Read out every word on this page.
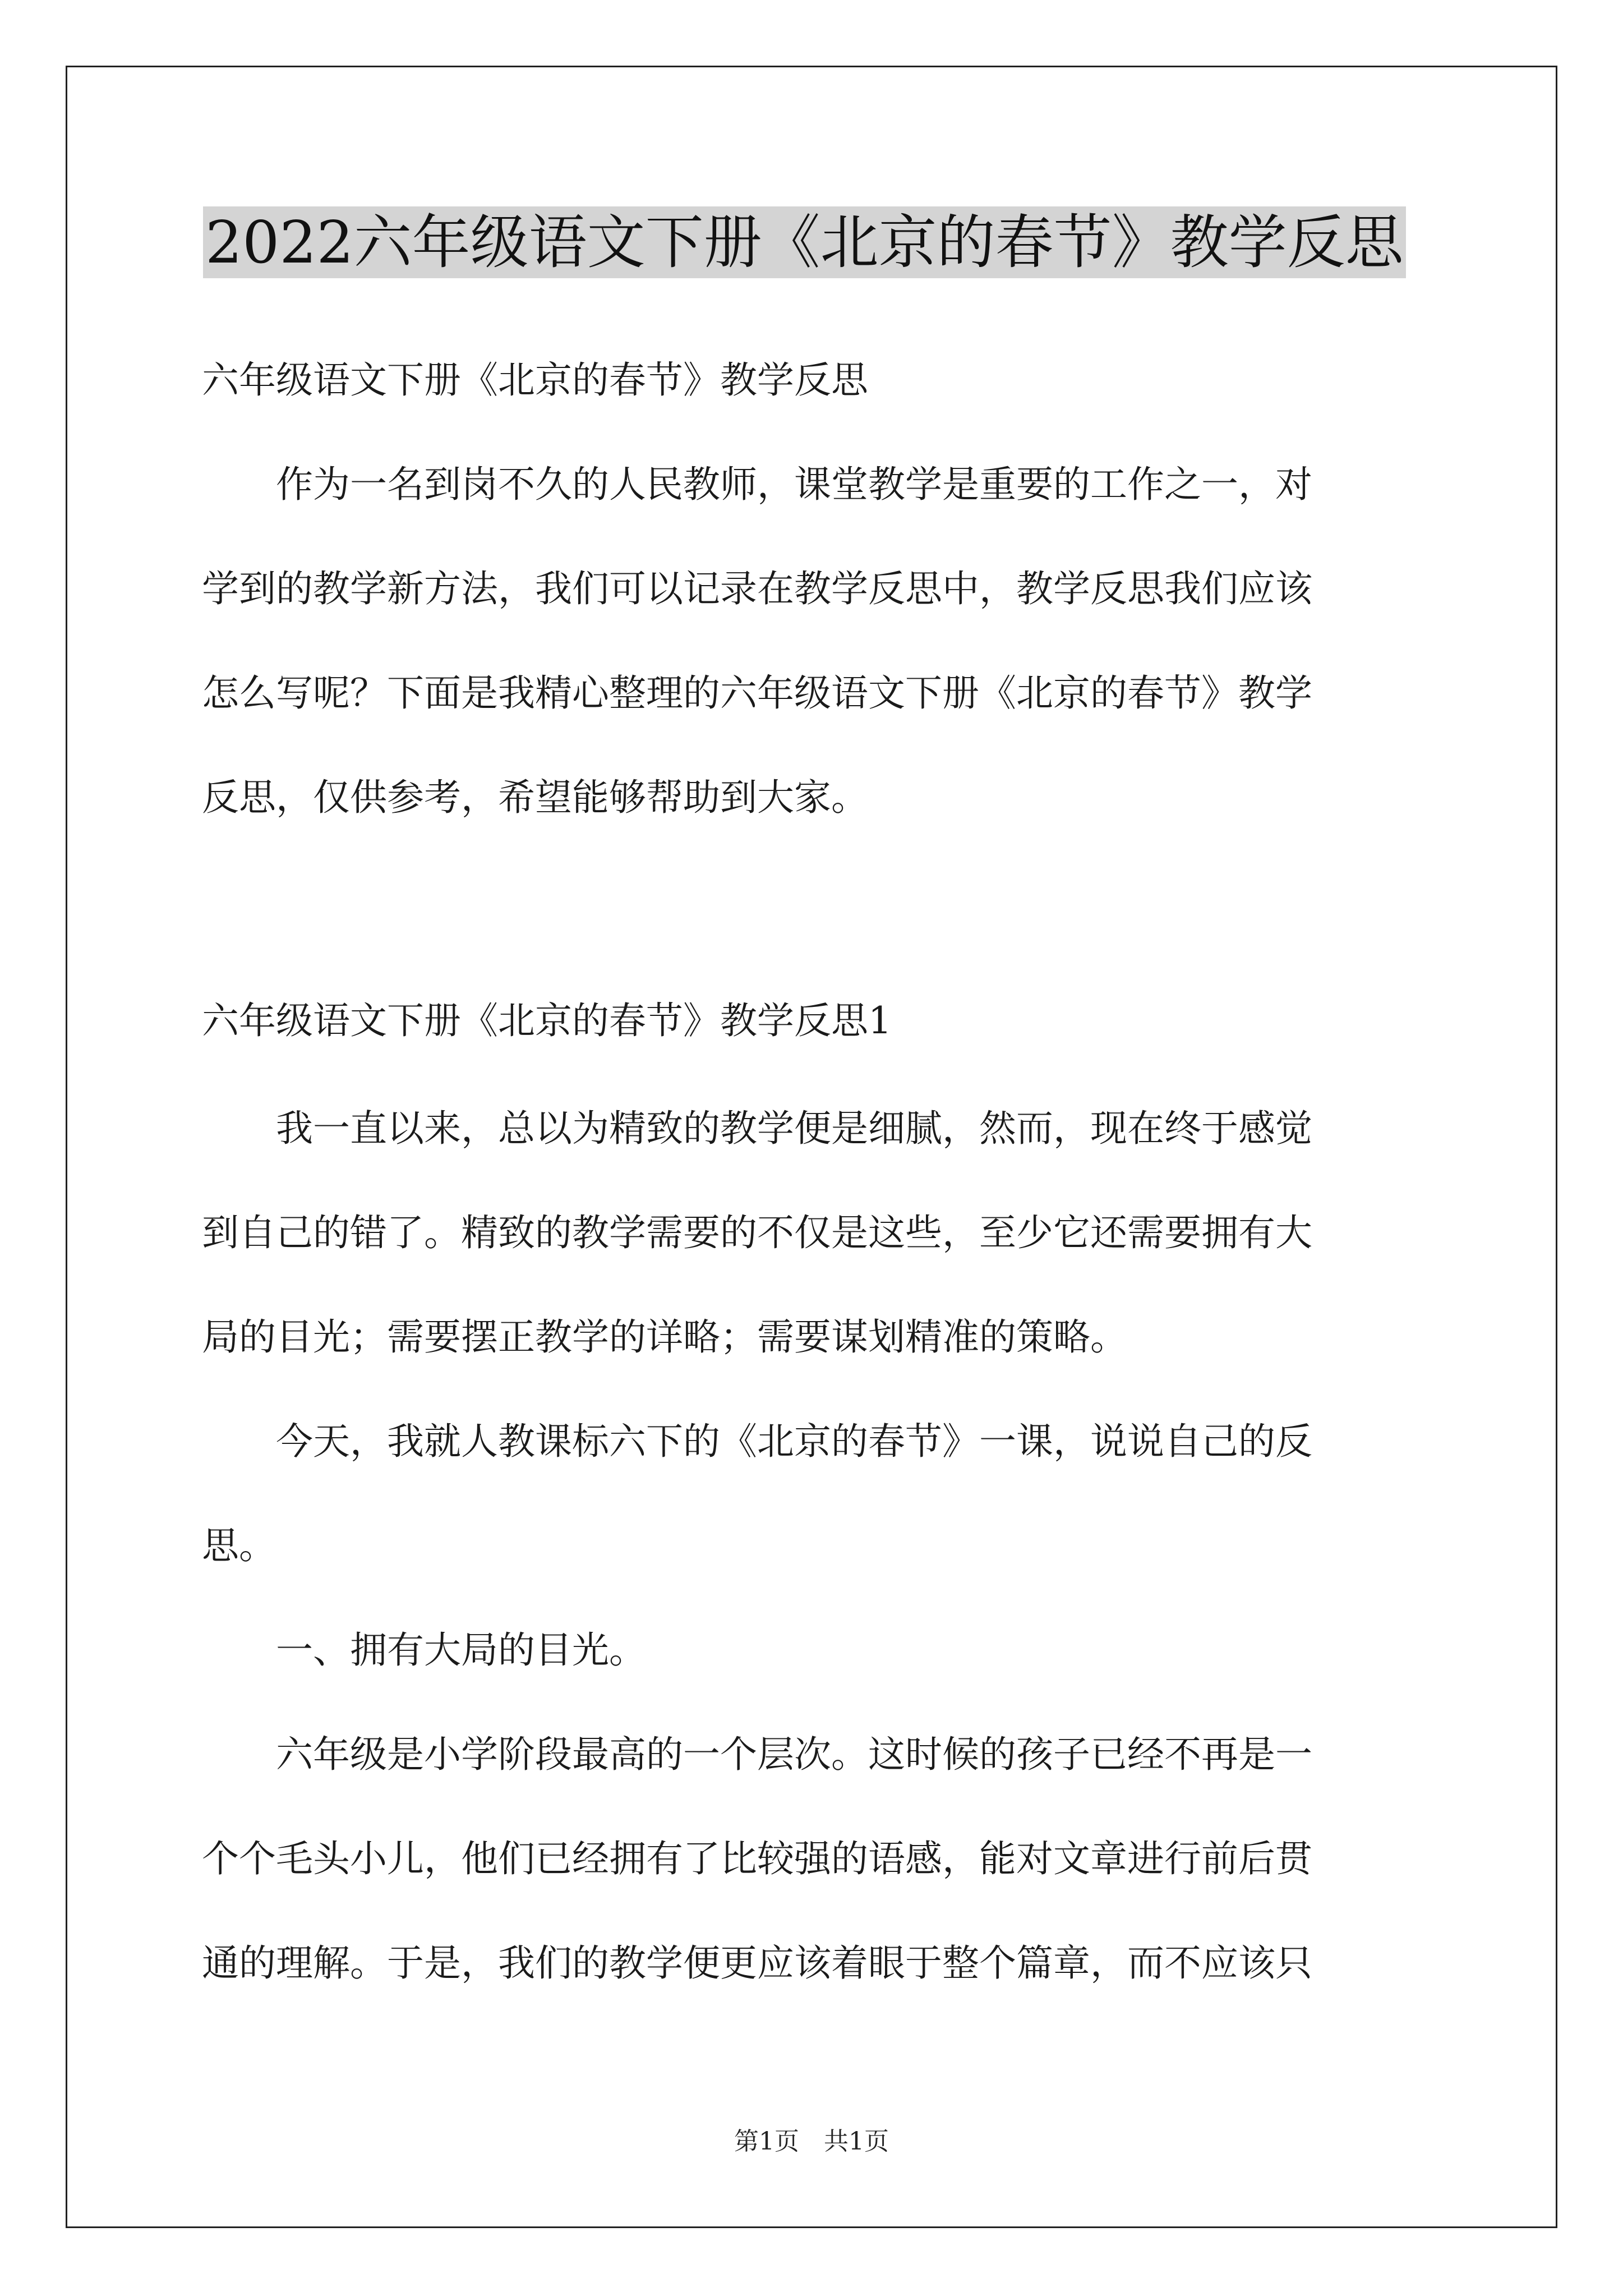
2022六年级语文下册《北京的春节》教学反思
六年级语文下册《北京的春节》教学反思
　　作为一名到岗不久的人民教师，课堂教学是重要的工作之一，对
学到的教学新方法，我们可以记录在教学反思中，教学反思我们应该
怎么写呢？下面是我精心整理的六年级语文下册《北京的春节》教学
反思，仅供参考，希望能够帮助到大家。
六年级语文下册《北京的春节》教学反思1
　　我一直以来，总以为精致的教学便是细腻，然而，现在终于感觉
到自己的错了。精致的教学需要的不仅是这些，至少它还需要拥有大
局的目光；需要摆正教学的详略；需要谋划精准的策略。
　　今天，我就人教课标六下的《北京的春节》一课，说说自己的反
思。
　　一、拥有大局的目光。
　　六年级是小学阶段最高的一个层次。这时候的孩子已经不再是一
个个毛头小儿，他们已经拥有了比较强的语感，能对文章进行前后贯
通的理解。于是，我们的教学便更应该着眼于整个篇章，而不应该只
第1页　共1页
